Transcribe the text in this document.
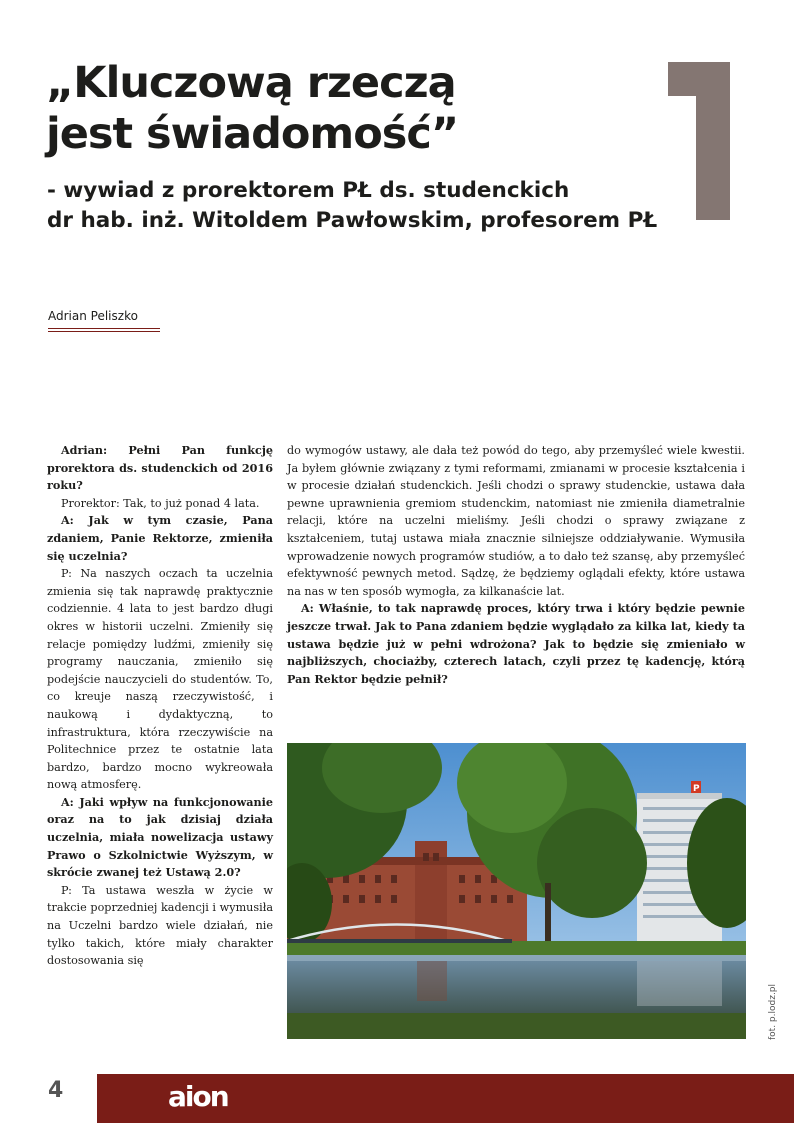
„Kluczową rzeczą
jest świadomość”
- wywiad z prorektorem PŁ ds. studenckich
dr hab. inż. Witoldem Pawłowskim, profesorem PŁ
Adrian Peliszko

Adrian: Pełni Pan funkcję prorektora ds. studenckich od 2016 roku?

Prorektor: Tak, to już ponad 4 lata.

A: Jak w tym czasie, Pana zdaniem, Panie Rektorze, zmieniła się uczelnia?

P: Na naszych oczach ta uczelnia zmienia się tak naprawdę praktycznie codziennie. 4 lata to jest bardzo długi okres w historii uczelni. Zmieniły się relacje pomiędzy ludźmi, zmieniły się programy nauczania, zmieniło się podejście nauczycieli do studentów. To, co kreuje naszą rzeczywistość, i naukową i dydaktyczną, to infrastruktura, która rzeczywiście na Politechnice przez te ostatnie lata bardzo, bardzo mocno wykreowała nową atmosferę.

A: Jaki wpływ na funkcjonowanie oraz na to jak dzisiaj działa uczelnia, miała nowelizacja ustawy Prawo o Szkolnictwie Wyższym, w skrócie zwanej też Ustawą 2.0?

P: Ta ustawa weszła w życie w trakcie poprzedniej kadencji i wymusiła na Uczelni bardzo wiele działań, nie tylko takich, które miały charakter dostosowania się

do wymogów ustawy, ale dała też powód do tego, aby przemyśleć wiele kwestii. Ja byłem głównie związany z tymi reformami, zmianami w procesie kształcenia i w procesie działań studenckich. Jeśli chodzi o sprawy studenckie, ustawa dała pewne uprawnienia gremiom studenckim, natomiast nie zmieniła diametralnie relacji, które na uczelni mieliśmy. Jeśli chodzi o sprawy związane z kształceniem, tutaj ustawa miała znacznie silniejsze oddziaływanie. Wymusiła wprowadzenie nowych programów studiów, a to dało też szansę, aby przemyśleć efektywność pewnych metod. Sądzę, że będziemy oglądali efekty, które ustawa na nas w ten sposób wymogła, za kilkanaście lat.

A: Właśnie, to tak naprawdę proces, który trwa i który będzie pewnie jeszcze trwał. Jak to Pana zdaniem będzie wyglądało za kilka lat, kiedy ta ustawa będzie już w pełni wdrożona? Jak to będzie się zmieniało w najbliższych, chociażby, czterech latach, czyli przez tę kadencję, którą Pan Rektor będzie pełnił?

P
fot. p.lodz.pl
4	aion
